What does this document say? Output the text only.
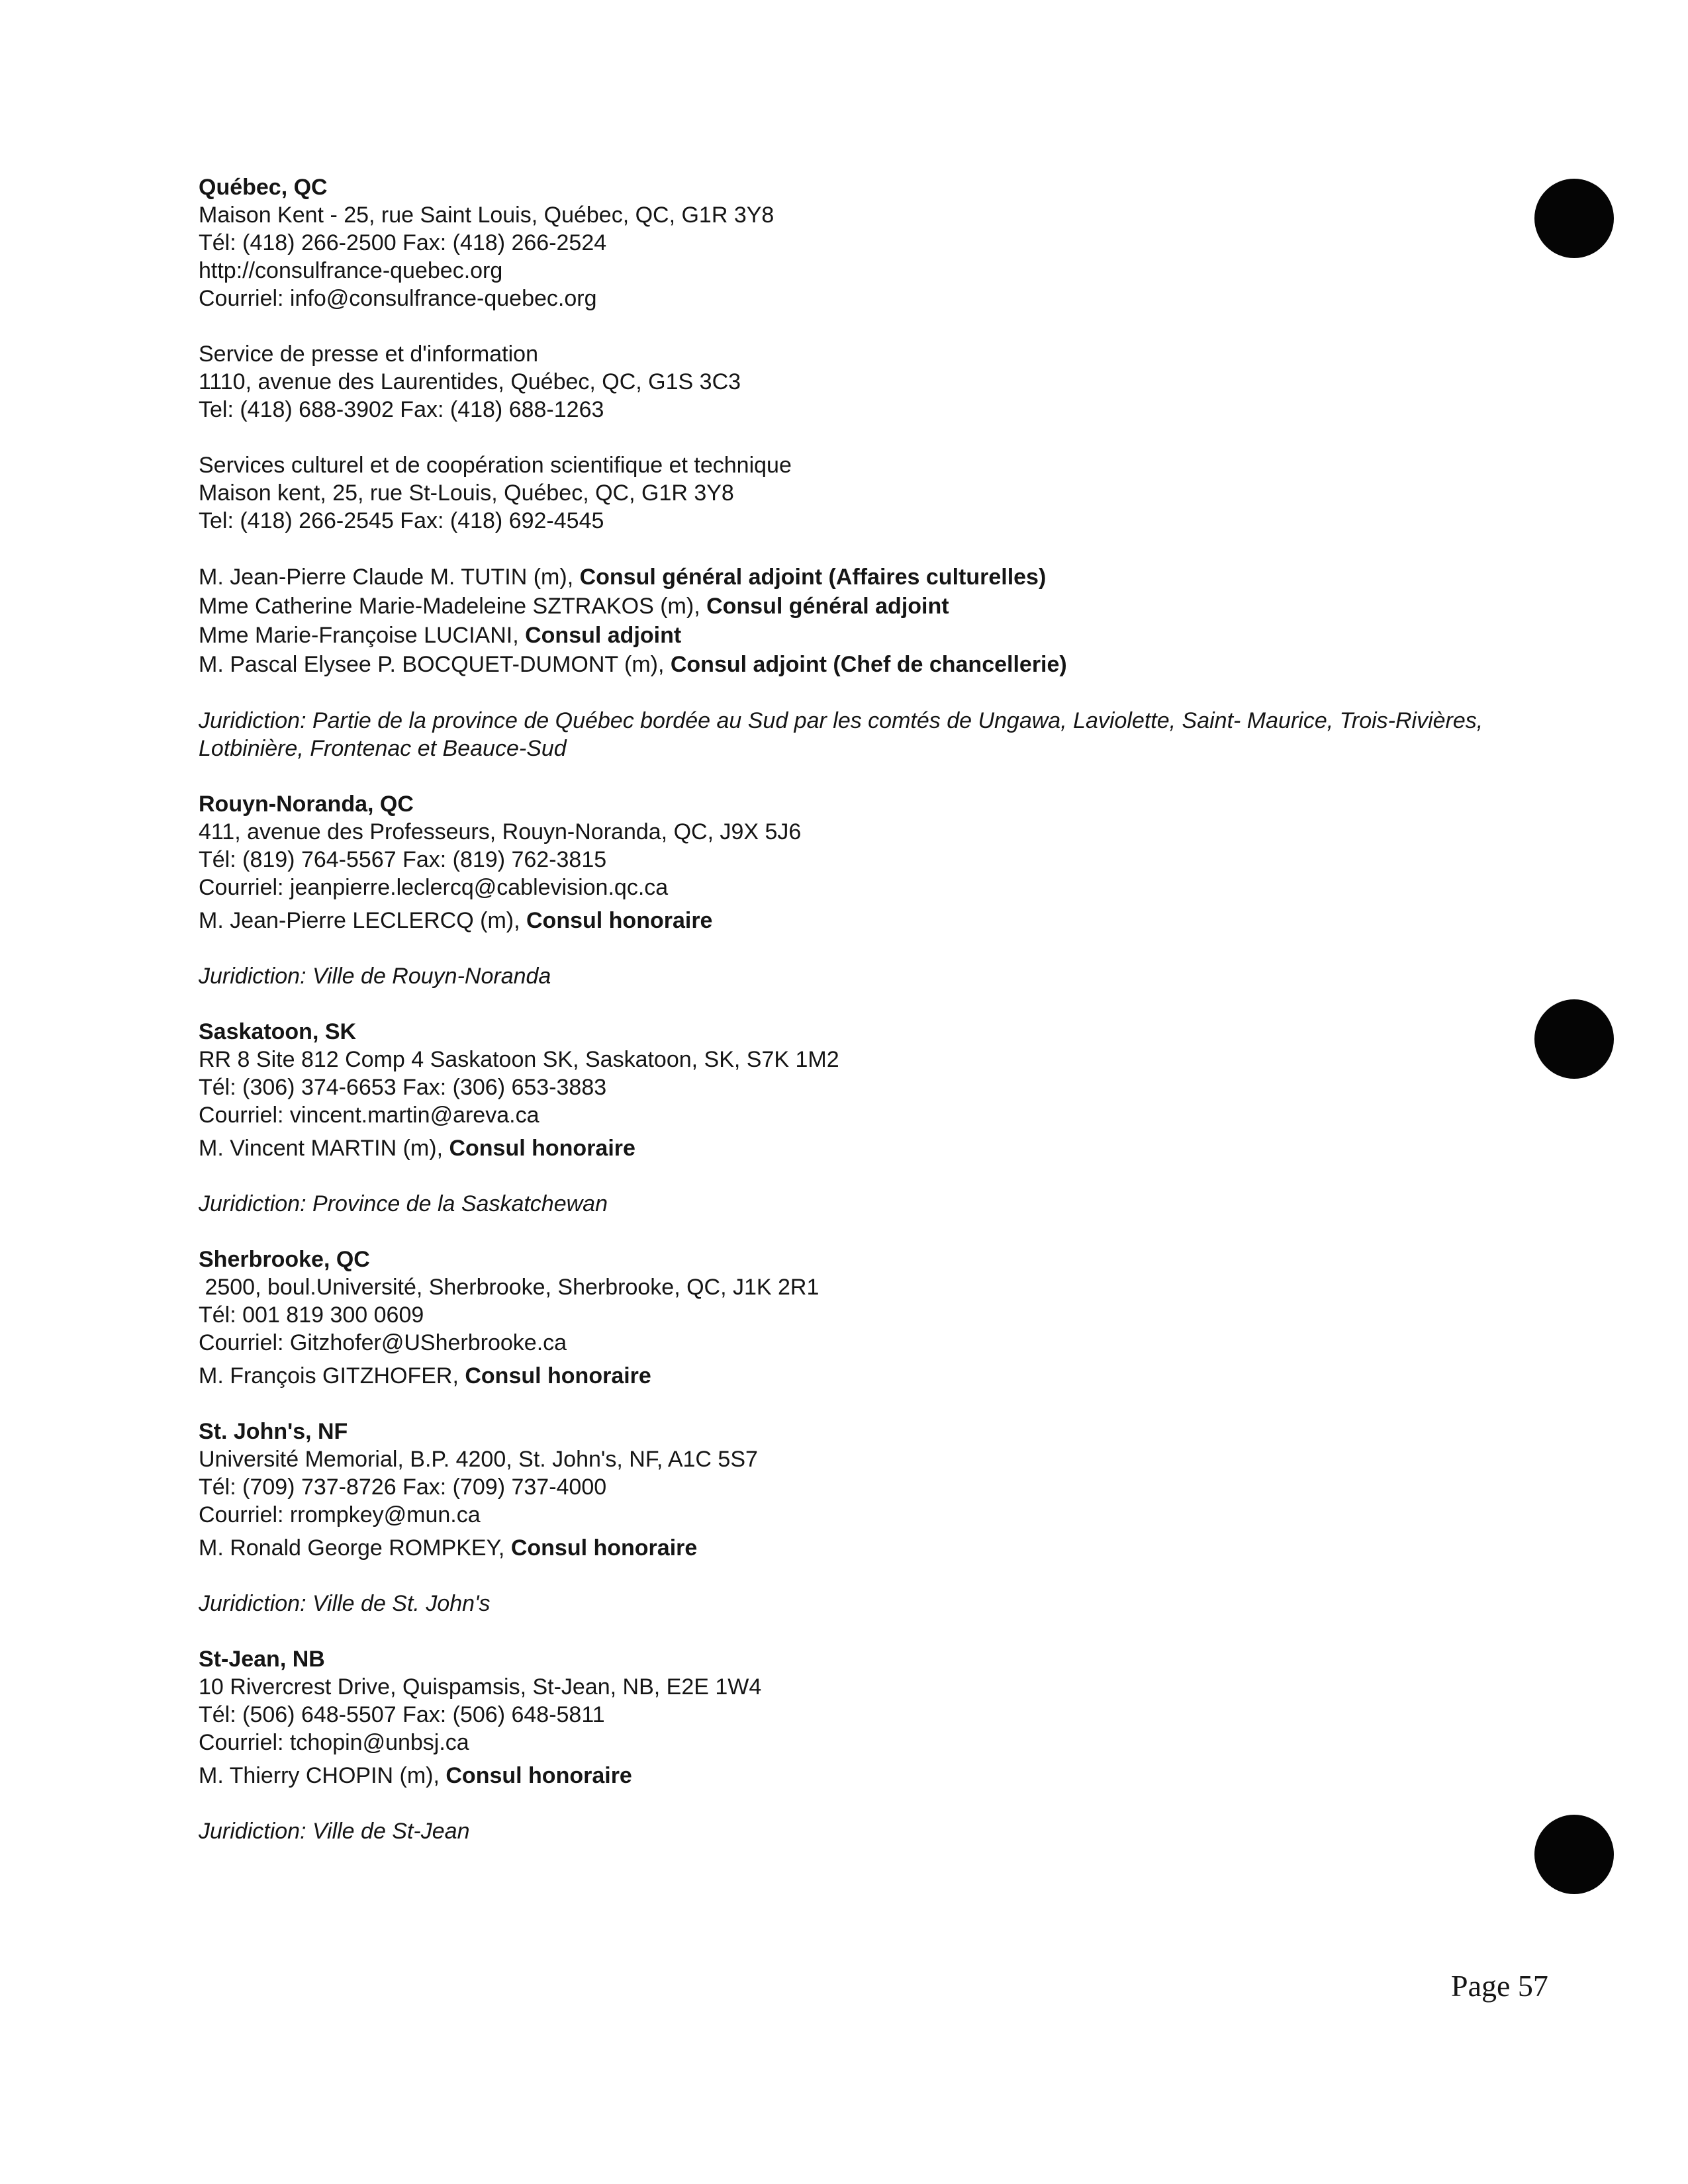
Québec, QC
Maison Kent - 25, rue Saint Louis, Québec, QC, G1R 3Y8
Tél: (418) 266-2500 Fax: (418) 266-2524
http://consulfrance-quebec.org
Courriel: info@consulfrance-quebec.org
Service de presse et d'information
1110, avenue des Laurentides, Québec, QC, G1S 3C3
Tel: (418) 688-3902 Fax: (418) 688-1263
Services culturel et de coopération scientifique et technique
Maison kent, 25, rue St-Louis, Québec, QC, G1R 3Y8
Tel: (418) 266-2545 Fax: (418) 692-4545
M. Jean-Pierre Claude M. TUTIN (m), Consul général adjoint (Affaires culturelles)
Mme Catherine Marie-Madeleine SZTRAKOS (m), Consul général adjoint
Mme Marie-Françoise LUCIANI, Consul adjoint
M. Pascal Elysee P. BOCQUET-DUMONT (m), Consul adjoint (Chef de chancellerie)
Juridiction: Partie de la province de Québec bordée au Sud par les comtés de Ungawa, Laviolette, Saint- Maurice, Trois-Rivières, Lotbinière, Frontenac et Beauce-Sud
Rouyn-Noranda, QC
411, avenue des Professeurs, Rouyn-Noranda, QC, J9X 5J6
Tél: (819) 764-5567 Fax: (819) 762-3815
Courriel: jeanpierre.leclercq@cablevision.qc.ca
M. Jean-Pierre LECLERCQ (m), Consul honoraire
Juridiction: Ville de Rouyn-Noranda
Saskatoon, SK
RR 8 Site 812 Comp 4 Saskatoon SK, Saskatoon, SK, S7K 1M2
Tél: (306) 374-6653 Fax: (306) 653-3883
Courriel: vincent.martin@areva.ca
M. Vincent MARTIN (m), Consul honoraire
Juridiction: Province de la Saskatchewan
Sherbrooke, QC
2500, boul.Université, Sherbrooke, Sherbrooke, QC, J1K 2R1
Tél: 001 819 300 0609
Courriel: Gitzhofer@USherbrooke.ca
M. François GITZHOFER, Consul honoraire
St. John's, NF
Université Memorial, B.P. 4200, St. John's, NF, A1C 5S7
Tél: (709) 737-8726 Fax: (709) 737-4000
Courriel: rrompkey@mun.ca
M. Ronald George ROMPKEY, Consul honoraire
Juridiction: Ville de St. John's
St-Jean, NB
10 Rivercrest Drive, Quispamsis, St-Jean, NB, E2E 1W4
Tél: (506) 648-5507 Fax: (506) 648-5811
Courriel: tchopin@unbsj.ca
M. Thierry CHOPIN (m), Consul honoraire
Juridiction: Ville de St-Jean
Page 57
